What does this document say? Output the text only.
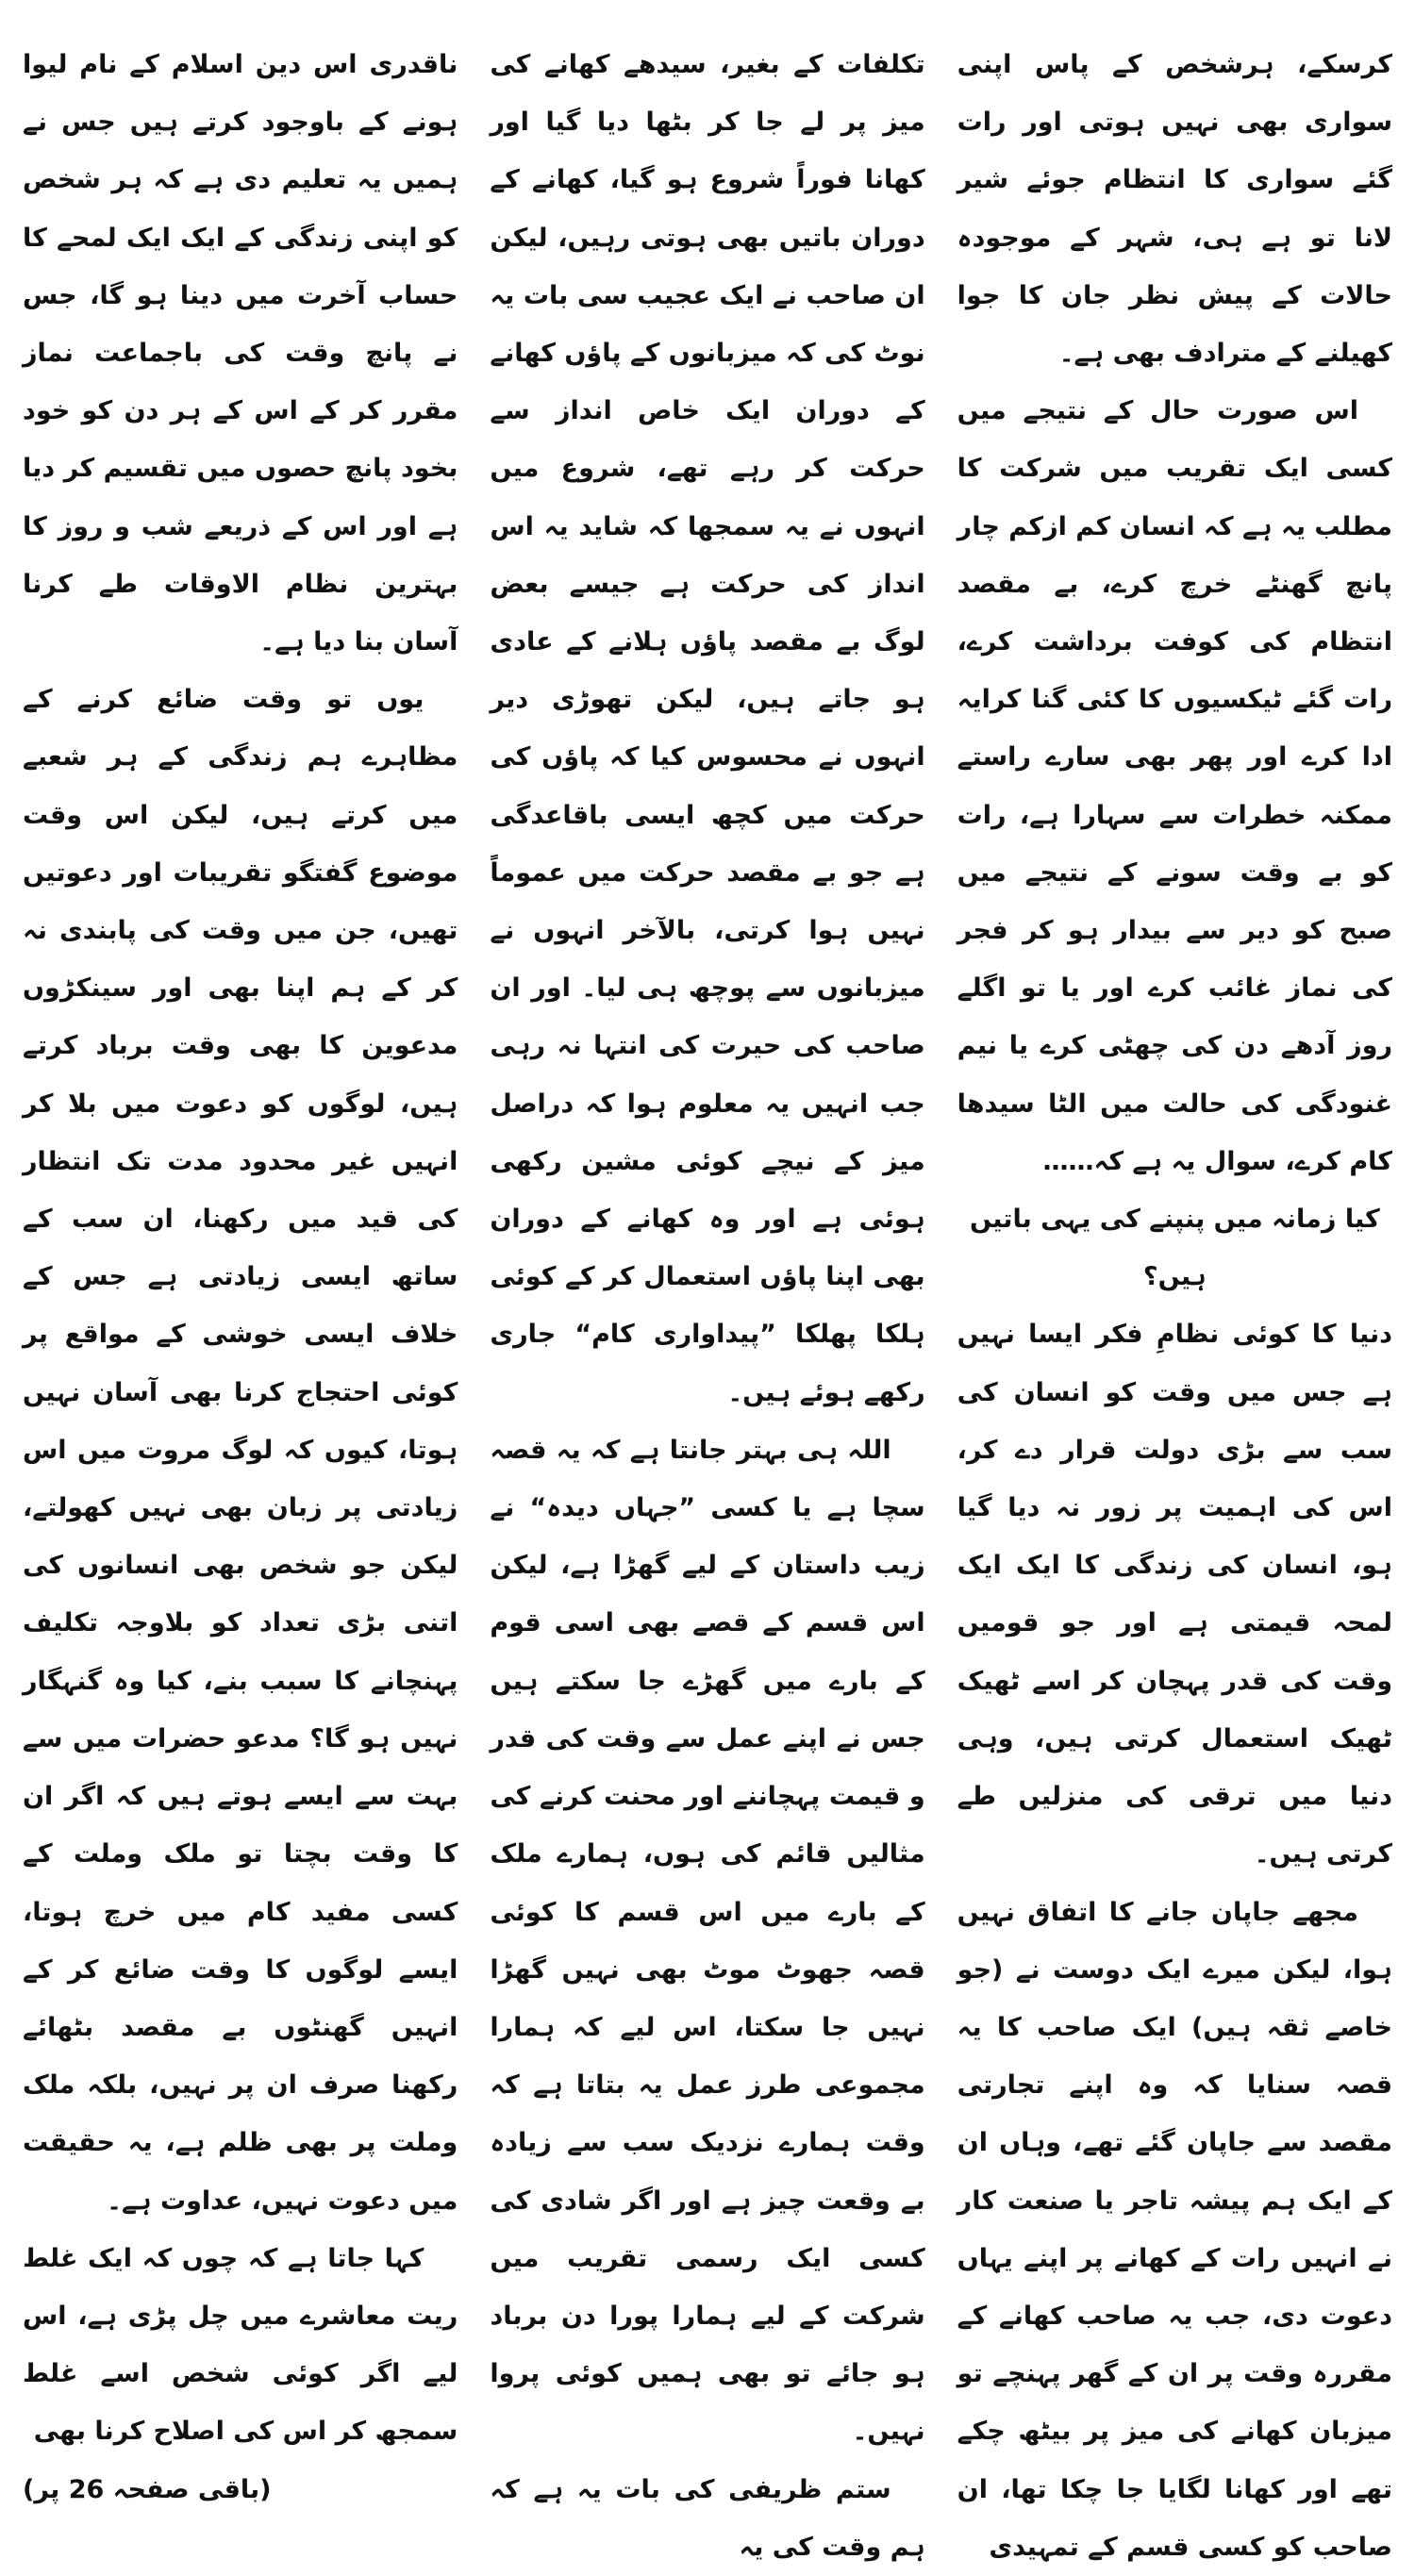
کرسکے، ہرشخص کے پاس اپنی سواری بھی نہیں ہوتی اور رات گئے سواری کا انتظام جوئے شیر لانا تو ہے ہی، شہر کے موجودہ حالات کے پیش نظر جان کا جوا کھیلنے کے مترادف بھی ہے۔

اس صورت حال کے نتیجے میں کسی ایک تقریب میں شرکت کا مطلب یہ ہے کہ انسان کم ازکم چار پانچ گھنٹے خرچ کرے، بے مقصد انتظام کی کوفت برداشت کرے، رات گئے ٹیکسیوں کا کئی گنا کرایہ ادا کرے اور پھر بھی سارے راستے ممکنہ خطرات سے سہارا ہے، رات کو بے وقت سونے کے نتیجے میں صبح کو دیر سے بیدار ہو کر فجر کی نماز غائب کرے اور یا تو اگلے روز آدھے دن کی چھٹی کرے یا نیم غنودگی کی حالت میں الٹا سیدھا کام کرے، سوال یہ ہے کہ……

کیا زمانہ میں پنپنے کی یہی باتیں ہیں؟

دنیا کا کوئی نظامِ فکر ایسا نہیں ہے جس میں وقت کو انسان کی سب سے بڑی دولت قرار دے کر، اس کی اہمیت پر زور نہ دیا گیا ہو، انسان کی زندگی کا ایک ایک لمحہ قیمتی ہے اور جو قومیں وقت کی قدر پہچان کر اسے ٹھیک ٹھیک استعمال کرتی ہیں، وہی دنیا میں ترقی کی منزلیں طے کرتی ہیں۔

مجھے جاپان جانے کا اتفاق نہیں ہوا، لیکن میرے ایک دوست نے (جو خاصے ثقہ ہیں) ایک صاحب کا یہ قصہ سنایا کہ وہ اپنے تجارتی مقصد سے جاپان گئے تھے، وہاں ان کے ایک ہم پیشہ تاجر یا صنعت کار نے انہیں رات کے کھانے پر اپنے یہاں دعوت دی، جب یہ صاحب کھانے کے مقررہ وقت پر ان کے گھر پہنچے تو میزبان کھانے کی میز پر بیٹھ چکے تھے اور کھانا لگایا جا چکا تھا، ان صاحب کو کسی قسم کے تمہیدی

تکلفات کے بغیر، سیدھے کھانے کی میز پر لے جا کر بٹھا دیا گیا اور کھانا فوراً شروع ہو گیا، کھانے کے دوران باتیں بھی ہوتی رہیں، لیکن ان صاحب نے ایک عجیب سی بات یہ نوٹ کی کہ میزبانوں کے پاؤں کھانے کے دوران ایک خاص انداز سے حرکت کر رہے تھے، شروع میں انہوں نے یہ سمجھا کہ شاید یہ اس انداز کی حرکت ہے جیسے بعض لوگ بے مقصد پاؤں ہلانے کے عادی ہو جاتے ہیں، لیکن تھوڑی دیر انہوں نے محسوس کیا کہ پاؤں کی حرکت میں کچھ ایسی باقاعدگی ہے جو بے مقصد حرکت میں عموماً نہیں ہوا کرتی، بالآخر انہوں نے میزبانوں سے پوچھ ہی لیا۔ اور ان صاحب کی حیرت کی انتہا نہ رہی جب انہیں یہ معلوم ہوا کہ دراصل میز کے نیچے کوئی مشین رکھی ہوئی ہے اور وہ کھانے کے دوران بھی اپنا پاؤں استعمال کر کے کوئی ہلکا پھلکا ”پیداواری کام“ جاری رکھے ہوئے ہیں۔

اللہ ہی بہتر جانتا ہے کہ یہ قصہ سچا ہے یا کسی ”جہاں دیدہ“ نے زیب داستان کے لیے گھڑا ہے، لیکن اس قسم کے قصے بھی اسی قوم کے بارے میں گھڑے جا سکتے ہیں جس نے اپنے عمل سے وقت کی قدر و قیمت پہچاننے اور محنت کرنے کی مثالیں قائم کی ہوں، ہمارے ملک کے بارے میں اس قسم کا کوئی قصہ جھوٹ موٹ بھی نہیں گھڑا نہیں جا سکتا، اس لیے کہ ہمارا مجموعی طرز عمل یہ بتاتا ہے کہ وقت ہمارے نزدیک سب سے زیادہ بے وقعت چیز ہے اور اگر شادی کی کسی ایک رسمی تقریب میں شرکت کے لیے ہمارا پورا دن برباد ہو جائے تو بھی ہمیں کوئی پروا نہیں۔

ستم ظریفی کی بات یہ ہے کہ ہم وقت کی یہ

ناقدری اس دین اسلام کے نام لیوا ہونے کے باوجود کرتے ہیں جس نے ہمیں یہ تعلیم دی ہے کہ ہر شخص کو اپنی زندگی کے ایک ایک لمحے کا حساب آخرت میں دینا ہو گا، جس نے پانچ وقت کی باجماعت نماز مقرر کر کے اس کے ہر دن کو خود بخود پانچ حصوں میں تقسیم کر دیا ہے اور اس کے ذریعے شب و روز کا بہترین نظام الاوقات طے کرنا آسان بنا دیا ہے۔

یوں تو وقت ضائع کرنے کے مظاہرے ہم زندگی کے ہر شعبے میں کرتے ہیں، لیکن اس وقت موضوع گفتگو تقریبات اور دعوتیں تھیں، جن میں وقت کی پابندی نہ کر کے ہم اپنا بھی اور سینکڑوں مدعوین کا بھی وقت برباد کرتے ہیں، لوگوں کو دعوت میں بلا کر انہیں غیر محدود مدت تک انتظار کی قید میں رکھنا، ان سب کے ساتھ ایسی زیادتی ہے جس کے خلاف ایسی خوشی کے مواقع پر کوئی احتجاج کرنا بھی آسان نہیں ہوتا، کیوں کہ لوگ مروت میں اس زیادتی پر زبان بھی نہیں کھولتے، لیکن جو شخص بھی انسانوں کی اتنی بڑی تعداد کو بلاوجہ تکلیف پہنچانے کا سبب بنے، کیا وہ گنہگار نہیں ہو گا؟ مدعو حضرات میں سے بہت سے ایسے ہوتے ہیں کہ اگر ان کا وقت بچتا تو ملک وملت کے کسی مفید کام میں خرچ ہوتا، ایسے لوگوں کا وقت ضائع کر کے انہیں گھنٹوں بے مقصد بٹھائے رکھنا صرف ان پر نہیں، بلکہ ملک وملت پر بھی ظلم ہے، یہ حقیقت میں دعوت نہیں، عداوت ہے۔

کہا جاتا ہے کہ چوں کہ ایک غلط ریت معاشرے میں چل پڑی ہے، اس لیے اگر کوئی شخص اسے غلط سمجھ کر اس کی اصلاح کرنا بھی

(باقی صفحہ 26 پر)
